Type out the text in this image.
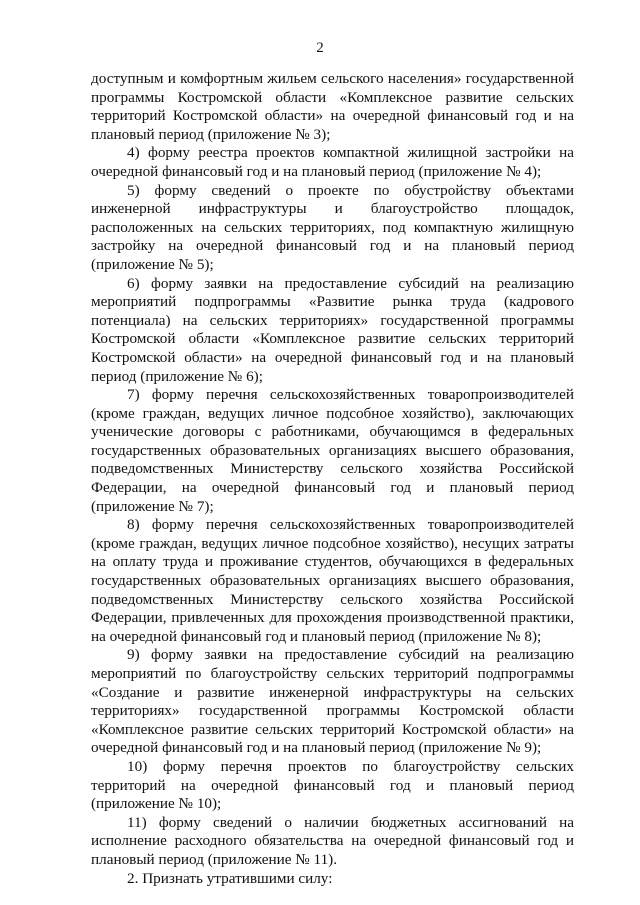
2

доступным и комфортным жильем сельского населения» государственной программы Костромской области «Комплексное развитие сельских территорий Костромской области» на очередной финансовый год и на плановый период (приложение № 3);

4) форму реестра проектов компактной жилищной застройки на очередной финансовый год и на плановый период (приложение № 4);

5) форму сведений о проекте по обустройству объектами инженерной инфраструктуры и благоустройство площадок, расположенных на сельских территориях, под компактную жилищную застройку на очередной финансовый год и на плановый период (приложение № 5);

6) форму заявки на предоставление субсидий на реализацию мероприятий подпрограммы «Развитие рынка труда (кадрового потенциала) на сельских территориях» государственной программы Костромской области «Комплексное развитие сельских территорий Костромской области» на очередной финансовый год и на плановый период (приложение № 6);

7) форму перечня сельскохозяйственных товаропроизводителей (кроме граждан, ведущих личное подсобное хозяйство), заключающих ученические договоры с работниками, обучающимся в федеральных государственных образовательных организациях высшего образования, подведомственных Министерству сельского хозяйства Российской Федерации, на очередной финансовый год и плановый период (приложение № 7);

8) форму перечня сельскохозяйственных товаропроизводителей (кроме граждан, ведущих личное подсобное хозяйство), несущих затраты на оплату труда и проживание студентов, обучающихся в федеральных государственных образовательных организациях высшего образования, подведомственных Министерству сельского хозяйства Российской Федерации, привлеченных для прохождения производственной практики, на очередной финансовый год и плановый период (приложение № 8);

9) форму заявки на предоставление субсидий на реализацию мероприятий по благоустройству сельских территорий подпрограммы «Создание и развитие инженерной инфраструктуры на сельских территориях» государственной программы Костромской области «Комплексное развитие сельских территорий Костромской области» на очередной финансовый год и на плановый период (приложение № 9);

10) форму перечня проектов по благоустройству сельских территорий на очередной финансовый год и плановый период (приложение № 10);

11) форму сведений о наличии бюджетных ассигнований на исполнение расходного обязательства на очередной финансовый год и плановый период (приложение № 11).

2. Признать утратившими силу:
